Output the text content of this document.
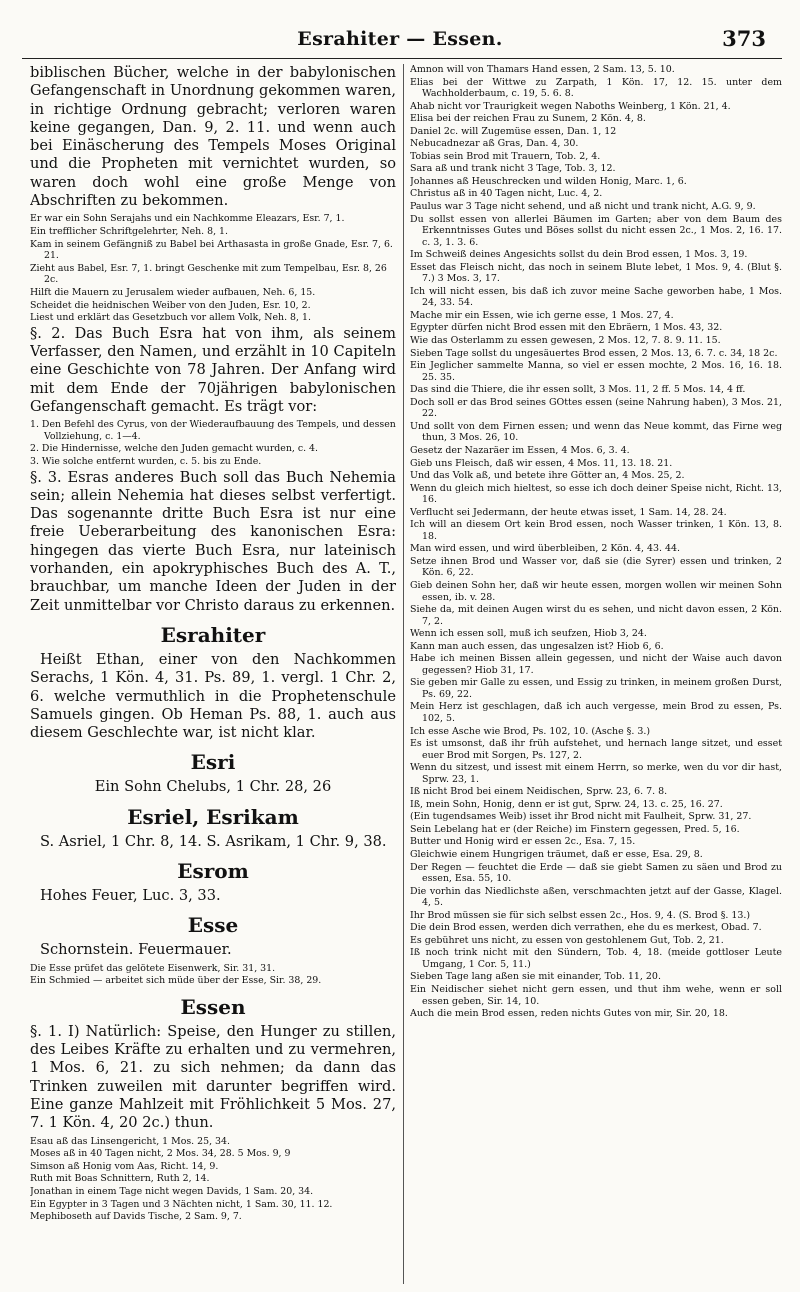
Esrahiter — Essen.	373

biblischen Bücher, welche in der babylonischen Gefangenschaft in Unordnung gekommen waren, in richtige Ordnung gebracht; verloren waren keine gegangen, Dan. 9, 2. 11. und wenn auch bei Einäscherung des Tempels Moses Original und die Propheten mit vernichtet wurden, so waren doch wohl eine große Menge von Abschriften zu bekommen.

Er war ein Sohn Serajahs und ein Nachkomme Eleazars, Esr. 7, 1.

Ein trefflicher Schriftgelehrter, Neh. 8, 1.

Kam in seinem Gefängniß zu Babel bei Arthasasta in große Gnade, Esr. 7, 6. 21.

Zieht aus Babel, Esr. 7, 1. bringt Geschenke mit zum Tempelbau, Esr. 8, 26 2c.

Hilft die Mauern zu Jerusalem wieder aufbauen, Neh. 6, 15.

Scheidet die heidnischen Weiber von den Juden, Esr. 10, 2.

Liest und erklärt das Gesetzbuch vor allem Volk, Neh. 8, 1.

§. 2. Das Buch Esra hat von ihm, als seinem Verfasser, den Namen, und erzählt in 10 Capiteln eine Geschichte von 78 Jahren. Der Anfang wird mit dem Ende der 70jährigen babylonischen Gefangenschaft gemacht. Es trägt vor:

1. Den Befehl des Cyrus, von der Wiederaufbauung des Tempels, und dessen Vollziehung, c. 1—4.

2. Die Hindernisse, welche den Juden gemacht wurden, c. 4.

3. Wie solche entfernt wurden, c. 5. bis zu Ende.

§. 3. Esras anderes Buch soll das Buch Nehemia sein; allein Nehemia hat dieses selbst verfertigt. Das sogenannte dritte Buch Esra ist nur eine freie Ueberarbeitung des kanonischen Esra: hingegen das vierte Buch Esra, nur lateinisch vorhanden, ein apokryphisches Buch des A. T., brauchbar, um manche Ideen der Juden in der Zeit unmittelbar vor Christo daraus zu erkennen.

Esrahiter

Heißt Ethan, einer von den Nachkommen Serachs, 1 Kön. 4, 31. Ps. 89, 1. vergl. 1 Chr. 2, 6. welche vermuthlich in die Prophetenschule Samuels gingen. Ob Heman Ps. 88, 1. auch aus diesem Geschlechte war, ist nicht klar.

Esri

Ein Sohn Chelubs, 1 Chr. 28, 26

Esriel, Esrikam

S. Asriel, 1 Chr. 8, 14. S. Asrikam, 1 Chr. 9, 38.

Esrom

Hohes Feuer, Luc. 3, 33.

Esse

Schornstein. Feuermauer.

Die Esse prüfet das gelötete Eisenwerk, Sir. 31, 31.

Ein Schmied — arbeitet sich müde über der Esse, Sir. 38, 29.

Essen

§. 1. I) Natürlich: Speise, den Hunger zu stillen, des Leibes Kräfte zu erhalten und zu vermehren, 1 Mos. 6, 21. zu sich nehmen; da dann das Trinken zuweilen mit darunter begriffen wird. Eine ganze Mahlzeit mit Fröhlichkeit 5 Mos. 27, 7. 1 Kön. 4, 20 2c.) thun.

Esau aß das Linsengericht, 1 Mos. 25, 34.

Moses aß in 40 Tagen nicht, 2 Mos. 34, 28. 5 Mos. 9, 9

Simson aß Honig vom Aas, Richt. 14, 9.

Ruth mit Boas Schnittern, Ruth 2, 14.

Jonathan in einem Tage nicht wegen Davids, 1 Sam. 20, 34.

Ein Egypter in 3 Tagen und 3 Nächten nicht, 1 Sam. 30, 11. 12.

Mephiboseth auf Davids Tische, 2 Sam. 9, 7.

Amnon will von Thamars Hand essen, 2 Sam. 13, 5. 10.

Elias bei der Wittwe zu Zarpath, 1 Kön. 17, 12. 15. unter dem Wachholderbaum, c. 19, 5. 6. 8.

Ahab nicht vor Traurigkeit wegen Naboths Weinberg, 1 Kön. 21, 4.

Elisa bei der reichen Frau zu Sunem, 2 Kön. 4, 8.

Daniel 2c. will Zugemüse essen, Dan. 1, 12

Nebucadnezar aß Gras, Dan. 4, 30.

Tobias sein Brod mit Trauern, Tob. 2, 4.

Sara aß und trank nicht 3 Tage, Tob. 3, 12.

Johannes aß Heuschrecken und wilden Honig, Marc. 1, 6.

Christus aß in 40 Tagen nicht, Luc. 4, 2.

Paulus war 3 Tage nicht sehend, und aß nicht und trank nicht, A.G. 9, 9.

Du sollst essen von allerlei Bäumen im Garten; aber von dem Baum des Erkenntnisses Gutes und Böses sollst du nicht essen 2c., 1 Mos. 2, 16. 17. c. 3, 1. 3. 6.

Im Schweiß deines Angesichts sollst du dein Brod essen, 1 Mos. 3, 19.

Esset das Fleisch nicht, das noch in seinem Blute lebet, 1 Mos. 9, 4. (Blut §. 7.) 3 Mos. 3, 17.

Ich will nicht essen, bis daß ich zuvor meine Sache geworben habe, 1 Mos. 24, 33. 54.

Mache mir ein Essen, wie ich gerne esse, 1 Mos. 27, 4.

Egypter dürfen nicht Brod essen mit den Ebräern, 1 Mos. 43, 32.

Wie das Osterlamm zu essen gewesen, 2 Mos. 12, 7. 8. 9. 11. 15.

Sieben Tage sollst du ungesäuertes Brod essen, 2 Mos. 13, 6. 7. c. 34, 18 2c.

Ein Jeglicher sammelte Manna, so viel er essen mochte, 2 Mos. 16, 16. 18. 25. 35.

Das sind die Thiere, die ihr essen sollt, 3 Mos. 11, 2 ff. 5 Mos. 14, 4 ff.

Doch soll er das Brod seines GOttes essen (seine Nahrung haben), 3 Mos. 21, 22.

Und sollt von dem Firnen essen; und wenn das Neue kommt, das Firne weg thun, 3 Mos. 26, 10.

Gesetz der Nazaräer im Essen, 4 Mos. 6, 3. 4.

Gieb uns Fleisch, daß wir essen, 4 Mos. 11, 13. 18. 21.

Und das Volk aß, und betete ihre Götter an, 4 Mos. 25, 2.

Wenn du gleich mich hieltest, so esse ich doch deiner Speise nicht, Richt. 13, 16.

Verflucht sei Jedermann, der heute etwas isset, 1 Sam. 14, 28. 24.

Ich will an diesem Ort kein Brod essen, noch Wasser trinken, 1 Kön. 13, 8. 18.

Man wird essen, und wird überbleiben, 2 Kön. 4, 43. 44.

Setze ihnen Brod und Wasser vor, daß sie (die Syrer) essen und trinken, 2 Kön. 6, 22.

Gieb deinen Sohn her, daß wir heute essen, morgen wollen wir meinen Sohn essen, ib. v. 28.

Siehe da, mit deinen Augen wirst du es sehen, und nicht davon essen, 2 Kön. 7, 2.

Wenn ich essen soll, muß ich seufzen, Hiob 3, 24.

Kann man auch essen, das ungesalzen ist? Hiob 6, 6.

Habe ich meinen Bissen allein gegessen, und nicht der Waise auch davon gegessen? Hiob 31, 17.

Sie geben mir Galle zu essen, und Essig zu trinken, in meinem großen Durst, Ps. 69, 22.

Mein Herz ist geschlagen, daß ich auch vergesse, mein Brod zu essen, Ps. 102, 5.

Ich esse Asche wie Brod, Ps. 102, 10. (Asche §. 3.)

Es ist umsonst, daß ihr früh aufstehet, und hernach lange sitzet, und esset euer Brod mit Sorgen, Ps. 127, 2.

Wenn du sitzest, und issest mit einem Herrn, so merke, wen du vor dir hast, Sprw. 23, 1.

Iß nicht Brod bei einem Neidischen, Sprw. 23, 6. 7. 8.

Iß, mein Sohn, Honig, denn er ist gut, Sprw. 24, 13. c. 25, 16. 27.

(Ein tugendsames Weib) isset ihr Brod nicht mit Faulheit, Sprw. 31, 27.

Sein Lebelang hat er (der Reiche) im Finstern gegessen, Pred. 5, 16.

Butter und Honig wird er essen 2c., Esa. 7, 15.

Gleichwie einem Hungrigen träumet, daß er esse, Esa. 29, 8.

Der Regen — feuchtet die Erde — daß sie giebt Samen zu säen und Brod zu essen, Esa. 55, 10.

Die vorhin das Niedlichste aßen, verschmachten jetzt auf der Gasse, Klagel. 4, 5.

Ihr Brod müssen sie für sich selbst essen 2c., Hos. 9, 4. (S. Brod §. 13.)

Die dein Brod essen, werden dich verrathen, ehe du es merkest, Obad. 7.

Es gebühret uns nicht, zu essen von gestohlenem Gut, Tob. 2, 21.

Iß noch trink nicht mit den Sündern, Tob. 4, 18. (meide gottloser Leute Umgang, 1 Cor. 5, 11.)

Sieben Tage lang aßen sie mit einander, Tob. 11, 20.

Ein Neidischer siehet nicht gern essen, und thut ihm wehe, wenn er soll essen geben, Sir. 14, 10.

Auch die mein Brod essen, reden nichts Gutes von mir, Sir. 20, 18.
